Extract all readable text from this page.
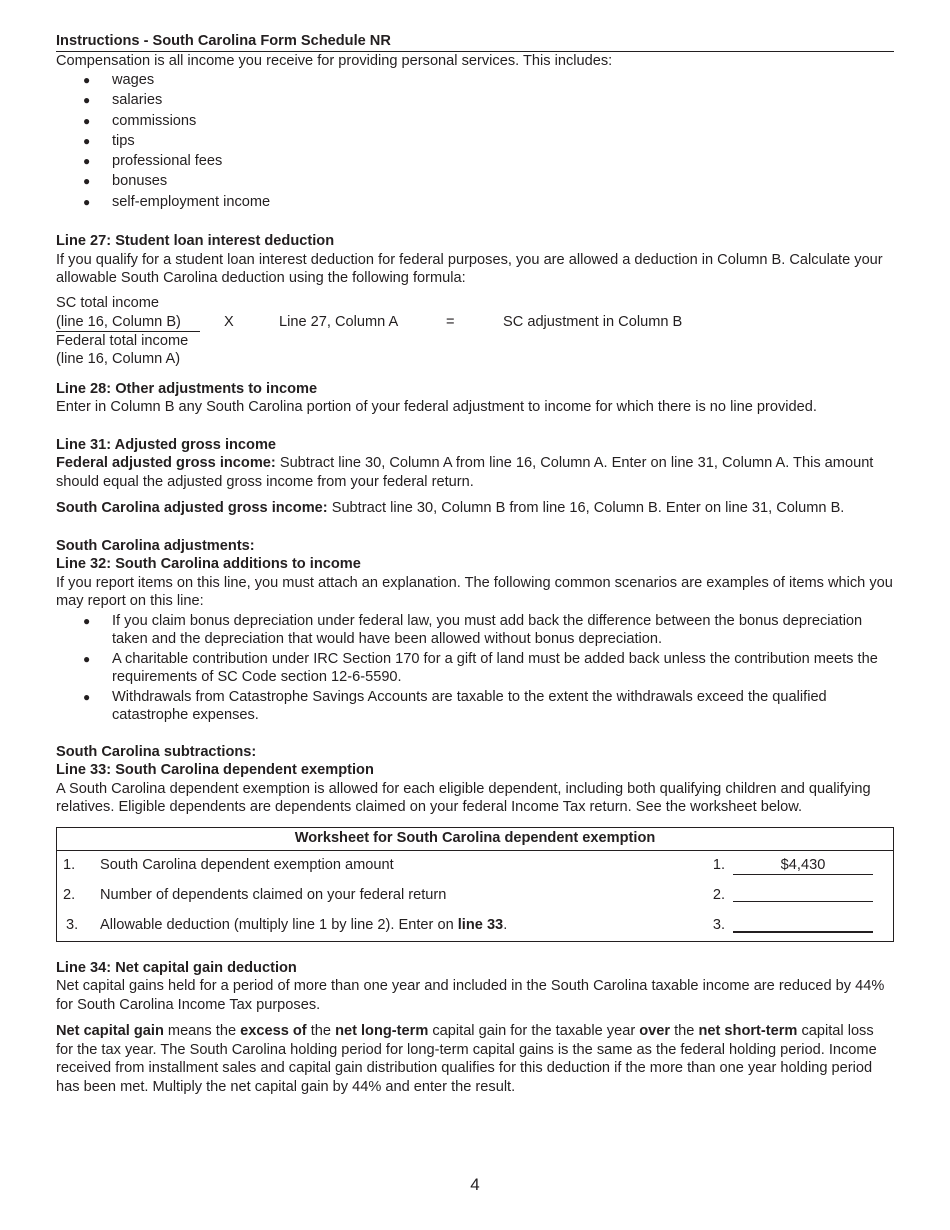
Instructions - South Carolina Form Schedule NR

Compensation is all income you receive for providing personal services. This includes:

● wages
● salaries
● commissions
● tips
● professional fees
● bonuses
● self-employment income

Line 27: Student loan interest deduction

If you qualify for a student loan interest deduction for federal purposes, you are allowed a deduction in Column B. Calculate your allowable South Carolina deduction using the following formula:

SC total income
(line 16, Column B)
Federal total income
(line 16, Column A)
X	Line 27, Column A	=	SC adjustment in Column B

Line 28: Other adjustments to income

Enter in Column B any South Carolina portion of your federal adjustment to income for which there is no line provided.

Line 31: Adjusted gross income

Federal adjusted gross income: Subtract line 30, Column A from line 16, Column A. Enter on line 31, Column A. This amount should equal the adjusted gross income from your federal return.

South Carolina adjusted gross income: Subtract line 30, Column B from line 16, Column B. Enter on line 31, Column B.

South Carolina adjustments:

Line 32: South Carolina additions to income

If you report items on this line, you must attach an explanation. The following common scenarios are examples of items which you may report on this line:

● If you claim bonus depreciation under federal law, you must add back the difference between the bonus depreciation taken and the depreciation that would have been allowed without bonus depreciation.
● A charitable contribution under IRC Section 170 for a gift of land must be added back unless the contribution meets the requirements of SC Code section 12-6-5590.
● Withdrawals from Catastrophe Savings Accounts are taxable to the extent the withdrawals exceed the qualified catastrophe expenses.

South Carolina subtractions:

Line 33: South Carolina dependent exemption

A South Carolina dependent exemption is allowed for each eligible dependent, including both qualifying children and qualifying relatives. Eligible dependents are dependents claimed on your federal Income Tax return. See the worksheet below.

Worksheet for South Carolina dependent exemption			
1.	South Carolina dependent exemption amount	1.	$4,430
2.	Number of dependents claimed on your federal return	2.	
3.	Allowable deduction (multiply line 1 by line 2). Enter on line 33.	3.	

Line 34: Net capital gain deduction

Net capital gains held for a period of more than one year and included in the South Carolina taxable income are reduced by 44% for South Carolina Income Tax purposes.

Net capital gain means the excess of the net long-term capital gain for the taxable year over the net short-term capital loss for the tax year. The South Carolina holding period for long-term capital gains is the same as the federal holding period. Income received from installment sales and capital gain distribution qualifies for this deduction if the more than one year holding period has been met. Multiply the net capital gain by 44% and enter the result.

4
